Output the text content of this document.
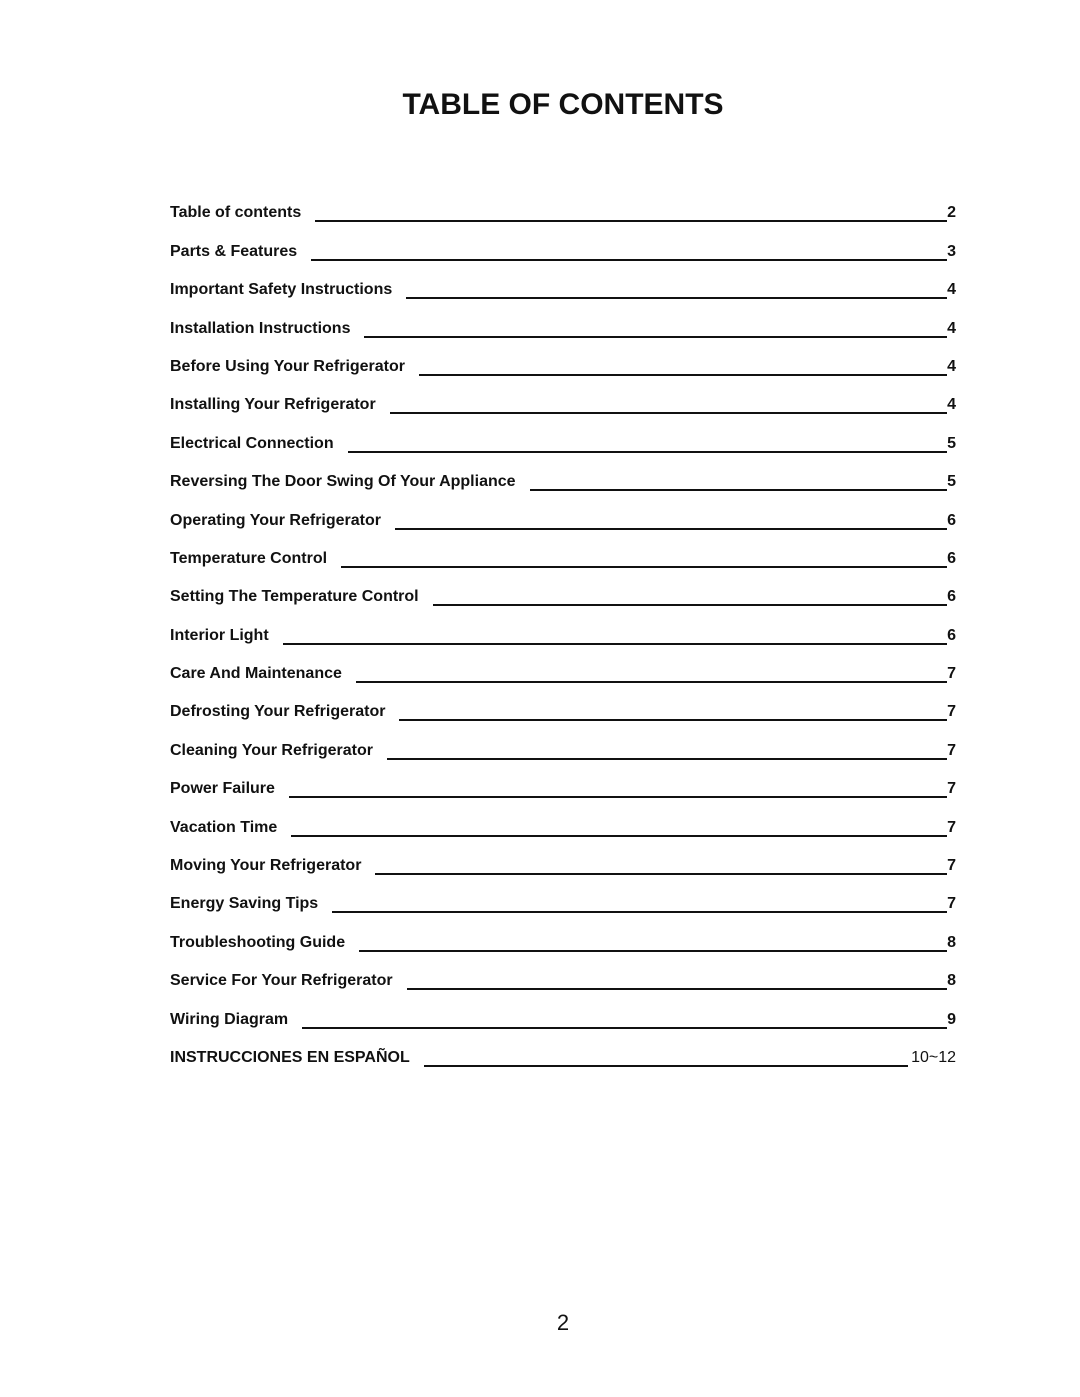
TABLE OF CONTENTS
Table of contents	2
Parts & Features	3
Important Safety Instructions	4
Installation Instructions	4
Before Using Your Refrigerator	4
Installing Your Refrigerator	4
Electrical Connection	5
Reversing The Door Swing Of Your Appliance	5
Operating Your Refrigerator	6
Temperature Control	6
Setting The Temperature Control	6
Interior Light	6
Care And Maintenance	7
Defrosting Your Refrigerator	7
Cleaning Your Refrigerator	7
Power Failure	7
Vacation Time	7
Moving Your Refrigerator	7
Energy Saving Tips	7
Troubleshooting Guide	8
Service For Your Refrigerator	8
Wiring Diagram	9
INSTRUCCIONES EN ESPAÑOL	10~12
2
